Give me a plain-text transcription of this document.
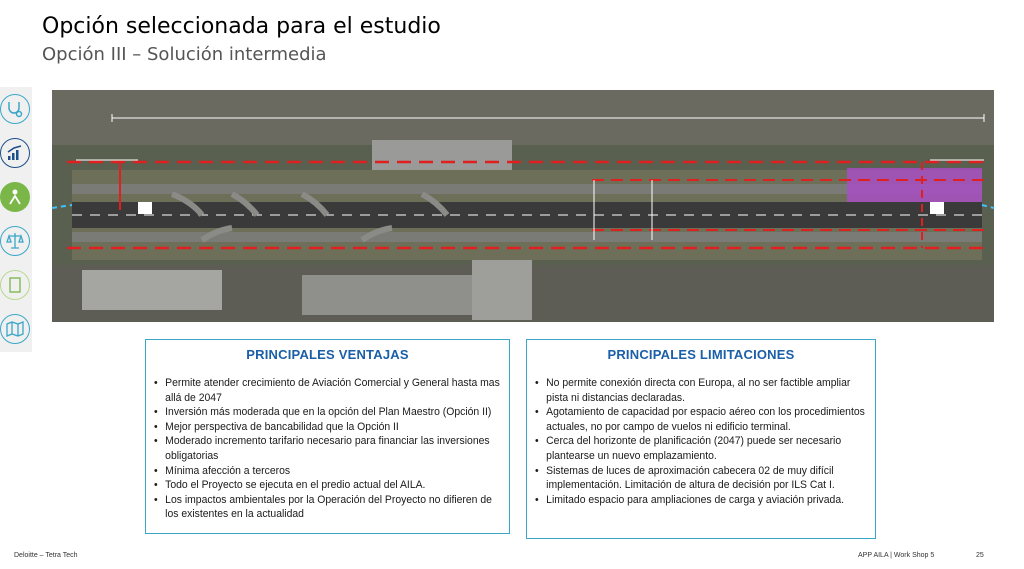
Opción seleccionada para el estudio
Opción III – Solución intermedia
PRINCIPALES VENTAJAS
• Permite atender crecimiento de Aviación Comercial y General hasta mas allá de 2047
• Inversión más moderada que en la opción del Plan Maestro (Opción II)
• Mejor perspectiva de bancabilidad que la Opción II
• Moderado incremento tarifario necesario para financiar las inversiones obligatorias
• Mínima afección a terceros
• Todo el Proyecto se ejecuta en el predio actual del AILA.
• Los impactos ambientales por la Operación del Proyecto no difieren de los existentes en la actualidad
PRINCIPALES LIMITACIONES
• No permite conexión directa con Europa, al no ser factible ampliar pista ni distancias declaradas.
• Agotamiento de capacidad por espacio aéreo con los procedimientos actuales, no por campo de vuelos ni edificio terminal.
• Cerca del horizonte de planificación (2047) puede ser necesario plantearse un nuevo emplazamiento.
• Sistemas de luces de aproximación cabecera 02 de muy difícil implementación. Limitación de altura de decisión por ILS Cat I.
• Limitado espacio para ampliaciones de carga y aviación privada.
Deloitte – Tetra Tech	APP AILA | Work Shop 5	25
